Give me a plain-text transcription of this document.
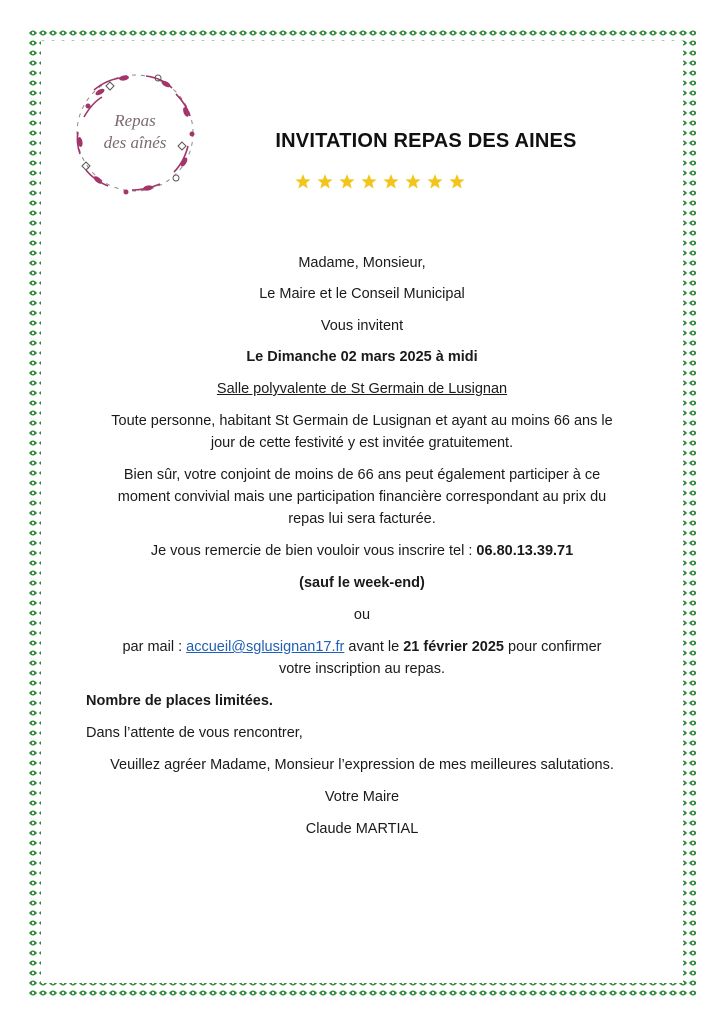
Repas
des aînés	INVITATION REPAS DES AINES
Madame, Monsieur,
Le Maire et le Conseil Municipal
Vous invitent
Le Dimanche 02 mars 2025 à midi
Salle polyvalente de St Germain de Lusignan
Toute personne, habitant St Germain de Lusignan et ayant au moins 66 ans le
jour de cette festivité y est invitée gratuitement.
Bien sûr, votre conjoint de moins de 66 ans peut également participer à ce
moment convivial mais une participation financière correspondant au prix du
repas lui sera facturée.
Je vous remercie de bien vouloir vous inscrire tel : 06.80.13.39.71
(sauf le week-end)
ou
par mail : accueil@sglusignan17.fr avant le 21 février 2025 pour confirmer
votre inscription au repas.
Nombre de places limitées.
Dans l’attente de vous rencontrer,
Veuillez agréer Madame, Monsieur l’expression de mes meilleures salutations.
Votre Maire
Claude MARTIAL
